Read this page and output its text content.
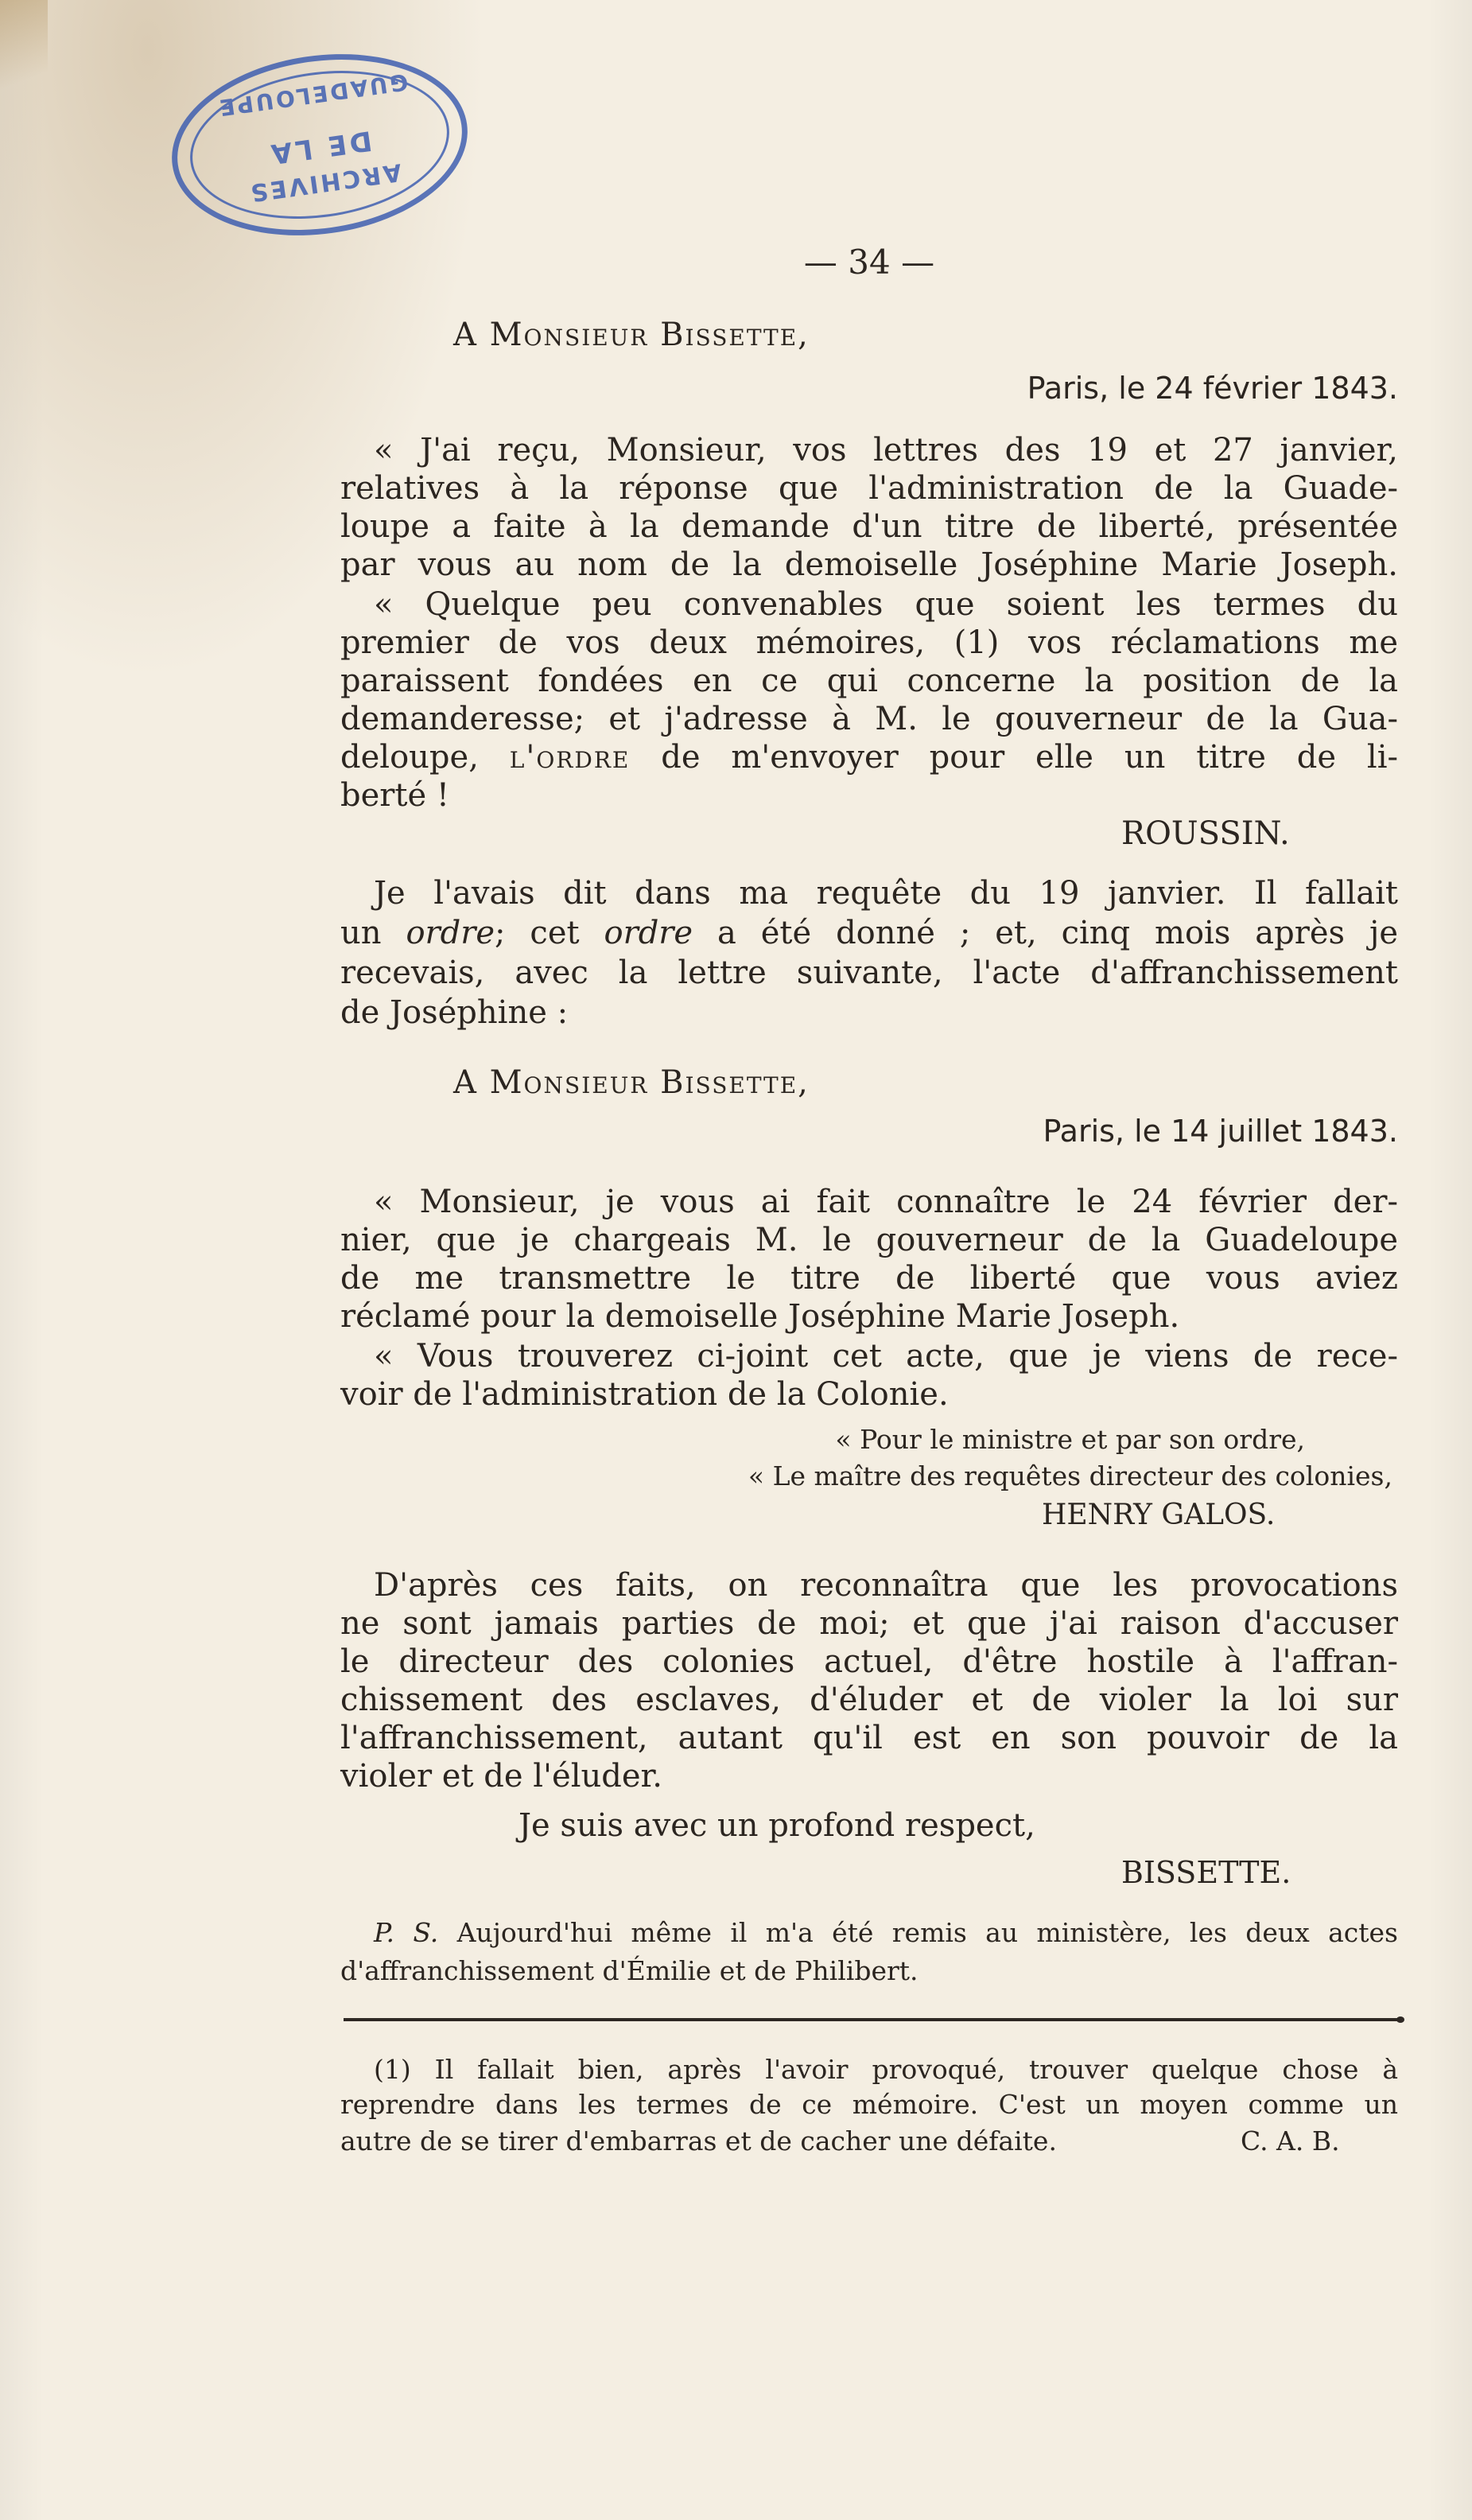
ARCHIVES
DE LA
GUADELOUPE
— 34 —
A Monsieur Bissette,
Paris, le 24 février 1843.
« J'ai reçu, Monsieur, vos lettres des 19 et 27 janvier,
relatives à la réponse que l'administration de la Guade-
loupe a faite à la demande d'un titre de liberté, présentée
par vous au nom de la demoiselle Joséphine Marie Joseph.
« Quelque peu convenables que soient les termes du
premier de vos deux mémoires, (1) vos réclamations me
paraissent fondées en ce qui concerne la position de la
demanderesse; et j'adresse à M. le gouverneur de la Gua-
deloupe, l'ordre de m'envoyer pour elle un titre de li-
berté !
ROUSSIN.
Je l'avais dit dans ma requête du 19 janvier. Il fallait
un ordre; cet ordre a été donné ; et, cinq mois après je
recevais, avec la lettre suivante, l'acte d'affranchissement
de Joséphine :
A Monsieur Bissette,
Paris, le 14 juillet 1843.
« Monsieur, je vous ai fait connaître le 24 février der-
nier, que je chargeais M. le gouverneur de la Guadeloupe
de me transmettre le titre de liberté que vous aviez
réclamé pour la demoiselle Joséphine Marie Joseph.
« Vous trouverez ci-joint cet acte, que je viens de rece-
voir de l'administration de la Colonie.
« Pour le ministre et par son ordre,
« Le maître des requêtes directeur des colonies,
HENRY GALOS.
D'après ces faits, on reconnaîtra que les provocations
ne sont jamais parties de moi; et que j'ai raison d'accuser
le directeur des colonies actuel, d'être hostile à l'affran-
chissement des esclaves, d'éluder et de violer la loi sur
l'affranchissement, autant qu'il est en son pouvoir de la
violer et de l'éluder.
Je suis avec un profond respect,
BISSETTE.
P. S. Aujourd'hui même il m'a été remis au ministère, les deux actes
d'affranchissement d'Émilie et de Philibert.
(1) Il fallait bien, après l'avoir provoqué, trouver quelque chose à
reprendre dans les termes de ce mémoire. C'est un moyen comme un
autre de se tirer d'embarras et de cacher une défaite.	C. A. B.
